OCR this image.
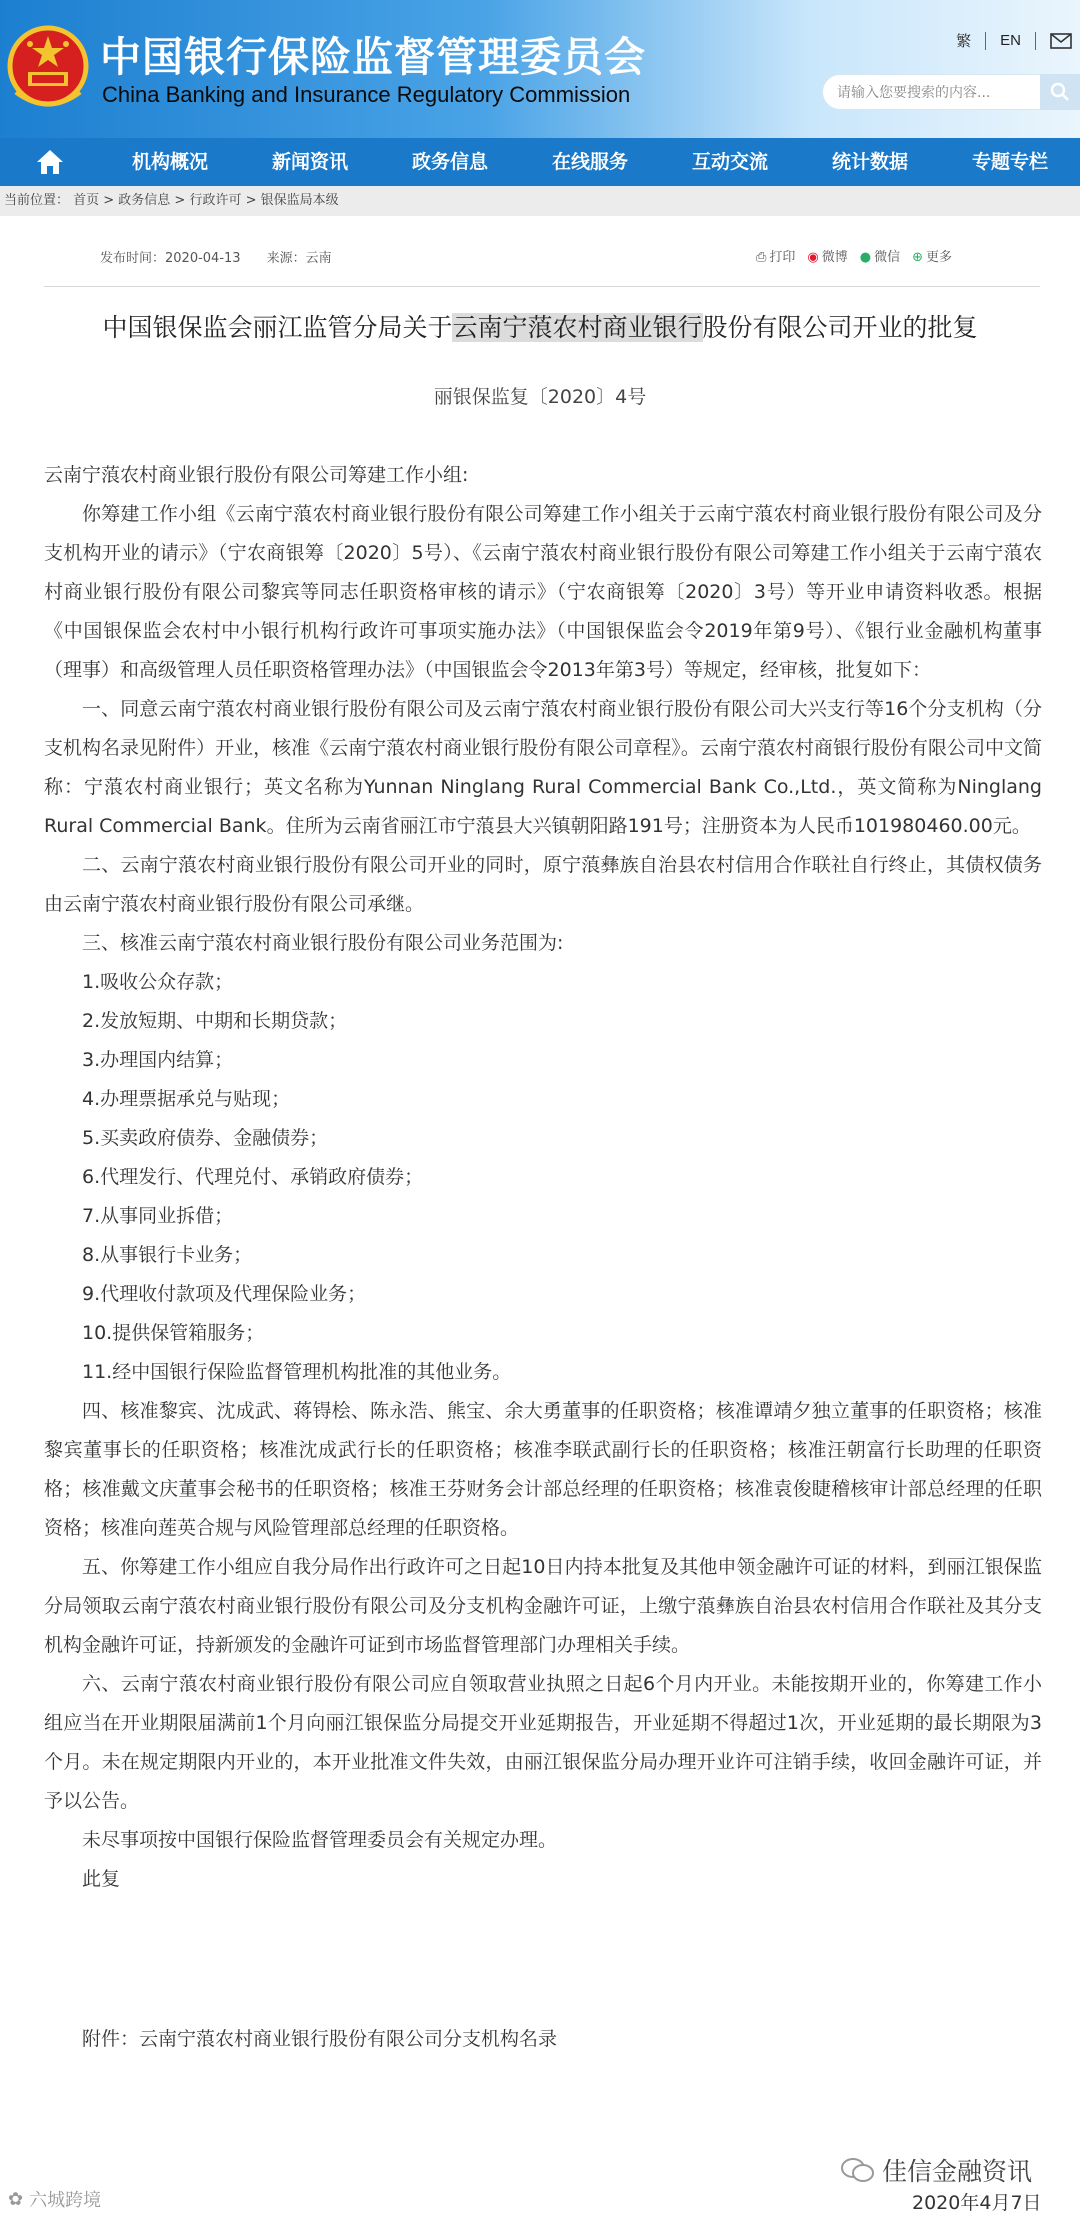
中国银行保险监督管理委员会
China Banking and Insurance Regulatory Commission
繁 EN
请输入您要搜索的内容...
机构概况	新闻资讯	政务信息	在线服务	互动交流	统计数据	专题专栏
当前位置： 首页 > 政务信息 > 行政许可 > 银保监局本级
发布时间：2020-04-13 来源：云南	⎙ 打印 ◉ 微博 ● 微信 ⊕ 更多
中国银保监会丽江监管分局关于云南宁蒗农村商业银行股份有限公司开业的批复
丽银保监复〔2020〕4号

云南宁蒗农村商业银行股份有限公司筹建工作小组:

你筹建工作小组《云南宁蒗农村商业银行股份有限公司筹建工作小组关于云南宁蒗农村商业银行股份有限公司及分支机构开业的请示》（宁农商银筹〔2020〕5号）、《云南宁蒗农村商业银行股份有限公司筹建工作小组关于云南宁蒗农村商业银行股份有限公司黎宾等同志任职资格审核的请示》（宁农商银筹〔2020〕3号）等开业申请资料收悉。根据《中国银保监会农村中小银行机构行政许可事项实施办法》（中国银保监会令2019年第9号）、《银行业金融机构董事（理事）和高级管理人员任职资格管理办法》（中国银监会令2013年第3号）等规定，经审核，批复如下：

一、同意云南宁蒗农村商业银行股份有限公司及云南宁蒗农村商业银行股份有限公司大兴支行等16个分支机构（分支机构名录见附件）开业，核准《云南宁蒗农村商业银行股份有限公司章程》。云南宁蒗农村商银行股份有限公司中文简称：宁蒗农村商业银行；英文名称为Yunnan Ninglang Rural Commercial Bank Co.,Ltd.，英文简称为Ninglang Rural Commercial Bank。住所为云南省丽江市宁蒗县大兴镇朝阳路191号；注册资本为人民币101980460.00元。

二、云南宁蒗农村商业银行股份有限公司开业的同时，原宁蒗彝族自治县农村信用合作联社自行终止，其债权债务由云南宁蒗农村商业银行股份有限公司承继。

三、核准云南宁蒗农村商业银行股份有限公司业务范围为:

1.吸收公众存款；

2.发放短期、中期和长期贷款；

3.办理国内结算；

4.办理票据承兑与贴现；

5.买卖政府债券、金融债券；

6.代理发行、代理兑付、承销政府债券；

7.从事同业拆借；

8.从事银行卡业务；

9.代理收付款项及代理保险业务；

10.提供保管箱服务；

11.经中国银行保险监督管理机构批准的其他业务。

四、核准黎宾、沈成武、蒋锝桧、陈永浩、熊宝、余大勇董事的任职资格；核准谭靖夕独立董事的任职资格；核准黎宾董事长的任职资格；核准沈成武行长的任职资格；核准李联武副行长的任职资格；核准汪朝富行长助理的任职资格；核准戴文庆董事会秘书的任职资格；核准王芬财务会计部总经理的任职资格；核准袁俊睫稽核审计部总经理的任职资格；核准向莲英合规与风险管理部总经理的任职资格。

五、你筹建工作小组应自我分局作出行政许可之日起10日内持本批复及其他申领金融许可证的材料，到丽江银保监分局领取云南宁蒗农村商业银行股份有限公司及分支机构金融许可证，上缴宁蒗彝族自治县农村信用合作联社及其分支机构金融许可证，持新颁发的金融许可证到市场监督管理部门办理相关手续。

六、云南宁蒗农村商业银行股份有限公司应自领取营业执照之日起6个月内开业。未能按期开业的，你筹建工作小组应当在开业期限届满前1个月向丽江银保监分局提交开业延期报告，开业延期不得超过1次，开业延期的最长期限为3个月。未在规定期限内开业的，本开业批准文件失效，由丽江银保监分局办理开业许可注销手续，收回金融许可证，并予以公告。

未尽事项按中国银行保险监督管理委员会有关规定办理。

此复

附件：云南宁蒗农村商业银行股份有限公司分支机构名录
佳信金融资讯
2020年4月7日
✿ 六城跨境
